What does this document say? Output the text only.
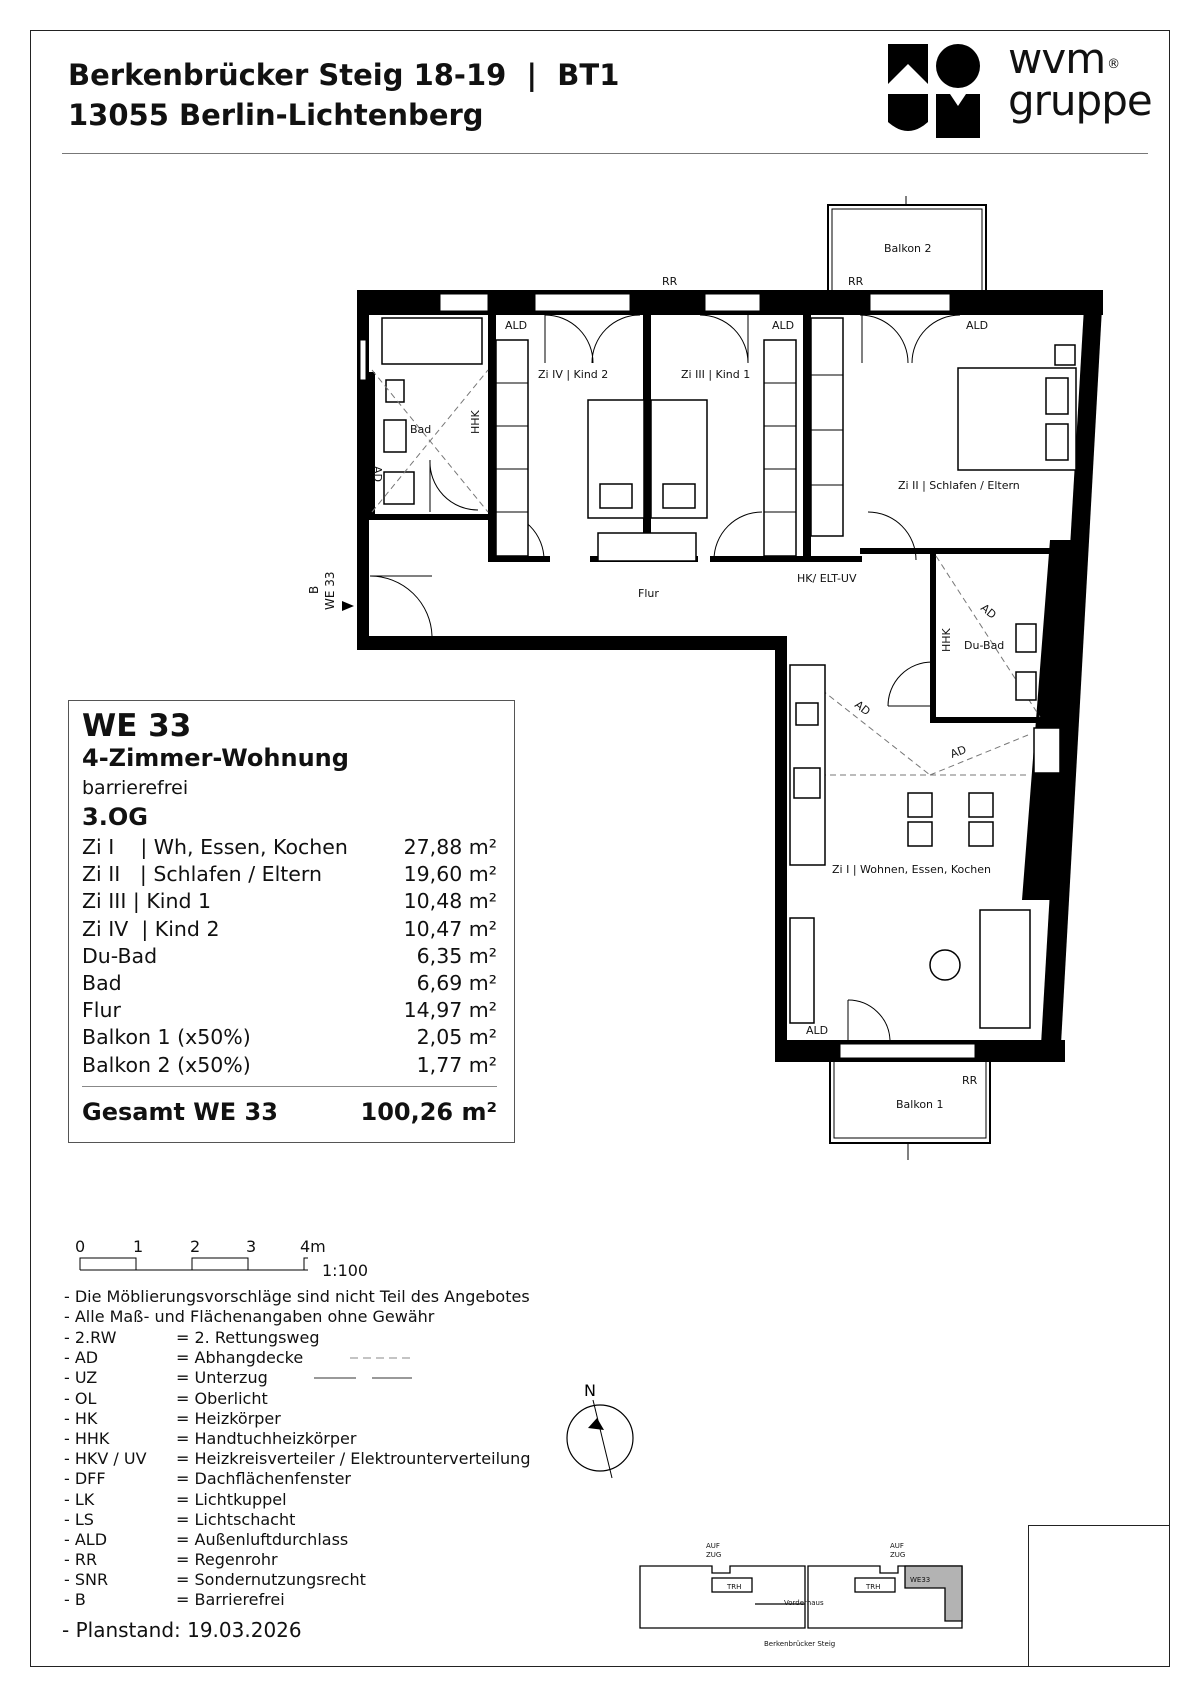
Berkenbrücker Steig 18-19  |  BT1
13055 Berlin-Lichtenberg
wvm ®
gruppe
Balkon 2
Balkon 1
RR	RR
RR
ALD	ALD	ALD
ALD
Zi IV | Kind 2	Zi III | Kind 1
Zi II | Schlafen / Eltern
Zi I | Wohnen, Essen, Kochen
Bad
Du-Bad
Flur
HK/ ELT-UV
HHK
HHK
AD
AD
AD
AD
B WE 33
N
AUF
ZUG
AUF
ZUG
TRH	TRH
WE33
Vorderhaus
Berkenbrücker Steig
WE 33
4-Zimmer-Wohnung
barrierefrei
3.OG
Zi I    | Wh, Essen, Kochen	27,88 m²
Zi II   | Schlafen / Eltern	19,60 m²
Zi III | Kind 1	10,48 m²
Zi IV  | Kind 2	10,47 m²
Du-Bad	6,35 m²
Bad	6,69 m²
Flur	14,97 m²
Balkon 1 (x50%)	2,05 m²
Balkon 2 (x50%)	1,77 m²
Gesamt WE 33	100,26 m²
0	1	2	3	4m
1:100
- Die Möblierungsvorschläge sind nicht Teil des Angebotes
- Alle Maß- und Flächenangaben ohne Gewähr
- 2.RW	= 2. Rettungsweg
- AD	= Abhangdecke
- UZ	= Unterzug
- OL	= Oberlicht
- HK	= Heizkörper
- HHK	= Handtuchheizkörper
- HKV / UV	= Heizkreisverteiler / Elektrounterverteilung
- DFF	= Dachflächenfenster
- LK	= Lichtkuppel
- LS	= Lichtschacht
- ALD	= Außenluftdurchlass
- RR	= Regenrohr
- SNR	= Sondernutzungsrecht
- B	= Barrierefrei
- Planstand: 19.03.2026
